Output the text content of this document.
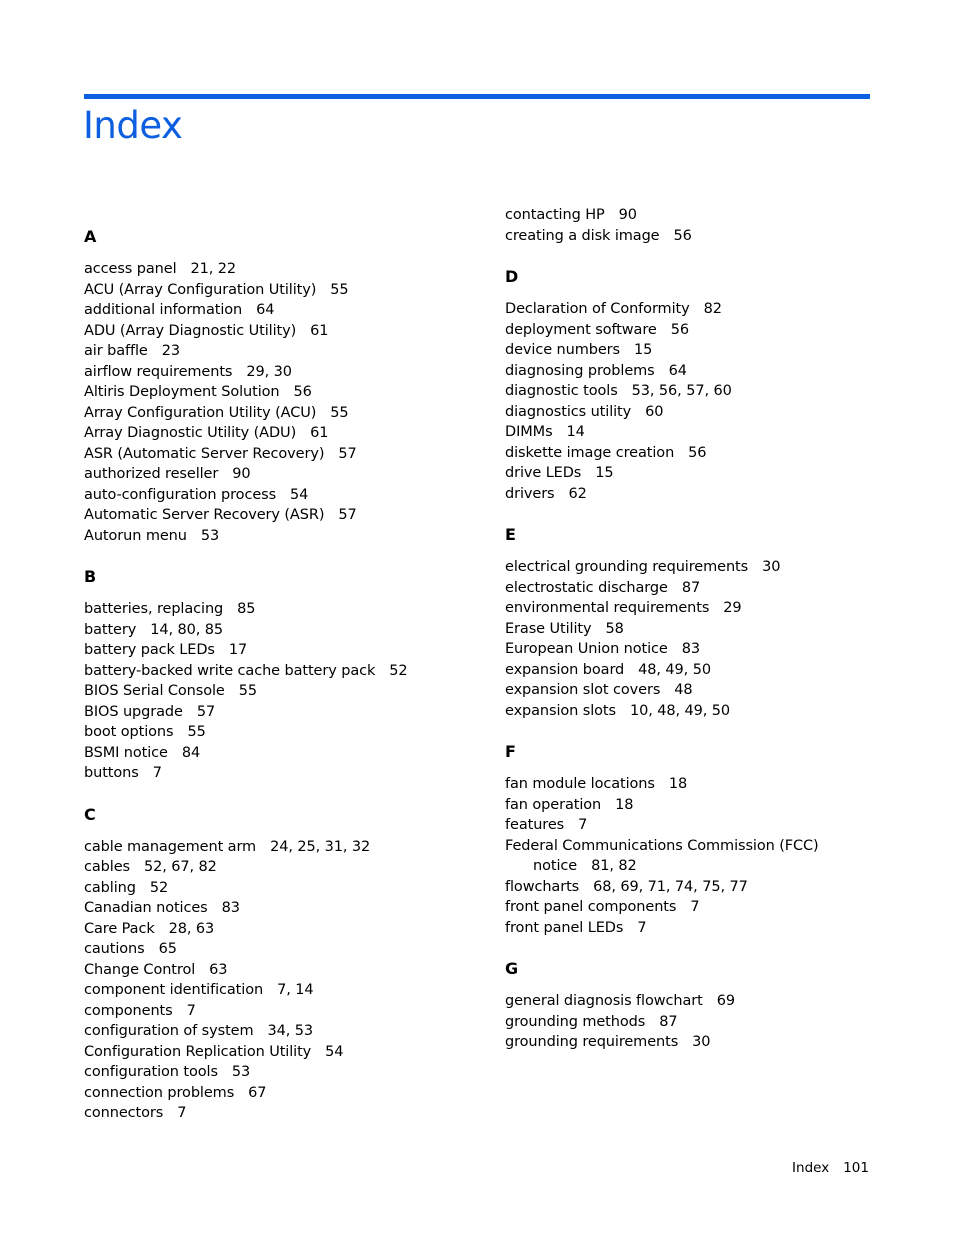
Index
A
access panel 21, 22
ACU (Array Configuration Utility) 55
additional information 64
ADU (Array Diagnostic Utility) 61
air baffle 23
airflow requirements 29, 30
Altiris Deployment Solution 56
Array Configuration Utility (ACU) 55
Array Diagnostic Utility (ADU) 61
ASR (Automatic Server Recovery) 57
authorized reseller 90
auto-configuration process 54
Automatic Server Recovery (ASR) 57
Autorun menu 53
B
batteries, replacing 85
battery 14, 80, 85
battery pack LEDs 17
battery-backed write cache battery pack 52
BIOS Serial Console 55
BIOS upgrade 57
boot options 55
BSMI notice 84
buttons 7
C
cable management arm 24, 25, 31, 32
cables 52, 67, 82
cabling 52
Canadian notices 83
Care Pack 28, 63
cautions 65
Change Control 63
component identification 7, 14
components 7
configuration of system 34, 53
Configuration Replication Utility 54
configuration tools 53
connection problems 67
connectors 7
contacting HP 90
creating a disk image 56
D
Declaration of Conformity 82
deployment software 56
device numbers 15
diagnosing problems 64
diagnostic tools 53, 56, 57, 60
diagnostics utility 60
DIMMs 14
diskette image creation 56
drive LEDs 15
drivers 62
E
electrical grounding requirements 30
electrostatic discharge 87
environmental requirements 29
Erase Utility 58
European Union notice 83
expansion board 48, 49, 50
expansion slot covers 48
expansion slots 10, 48, 49, 50
F
fan module locations 18
fan operation 18
features 7
Federal Communications Commission (FCC)
notice 81, 82
flowcharts 68, 69, 71, 74, 75, 77
front panel components 7
front panel LEDs 7
G
general diagnosis flowchart 69
grounding methods 87
grounding requirements 30
Index 101
